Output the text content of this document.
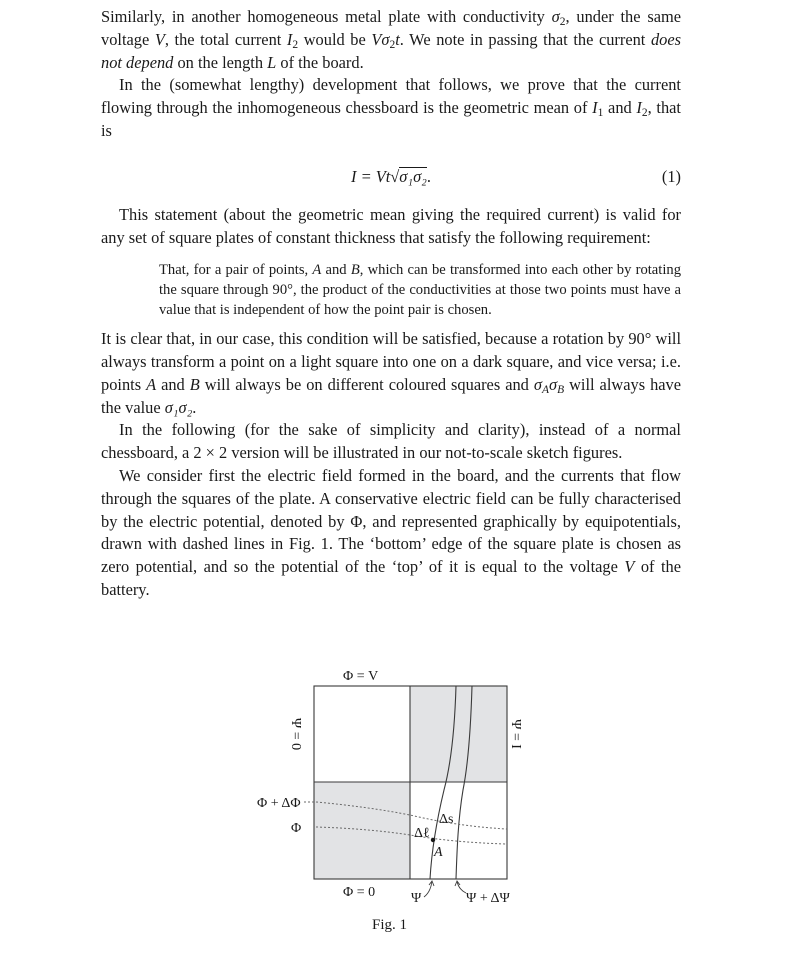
Similarly, in another homogeneous metal plate with conductivity $\sigma_2$, under the same voltage V, the total current $I_2$ would be $V\sigma_2t$. We note in passing that the current does not depend on the length L of the board.

In the (somewhat lengthy) development that follows, we prove that the current flowing through the inhomogeneous chessboard is the geometric mean of $I_1$ and $I_2$, that is

I = Vt√σ₁σ₂.	(1)

This statement (about the geometric mean giving the required current) is valid for any set of square plates of constant thickness that satisfy the following requirement:

That, for a pair of points, A and B, which can be transformed into each other by rotating the square through 90°, the product of the conductivities at those two points must have a value that is independent of how the point pair is chosen.

It is clear that, in our case, this condition will be satisfied, because a rotation by 90° will always transform a point on a light square into one on a dark square, and vice versa; i.e. points A and B will always be on different coloured squares and $\sigma_A\sigma_B$ will always have the value σ₁σ₂.

In the following (for the sake of simplicity and clarity), instead of a normal chessboard, a 2 × 2 version will be illustrated in our not-to-scale sketch figures.

We consider first the electric field formed in the board, and the currents that flow through the squares of the plate. A conservative electric field can be fully characterised by the electric potential, denoted by Φ, and represented graphically by equipotentials, drawn with dashed lines in Fig. 1. The ‘bottom’ edge of the square plate is chosen as zero potential, and so the potential of the ‘top’ of it is equal to the voltage V of the battery.

Φ = V
Φ = 0
Ψ = 0	Ψ = I
Φ + ΔΦ
Φ
Δs
Δℓ
A
Ψ	Ψ + ΔΨ
Fig. 1
